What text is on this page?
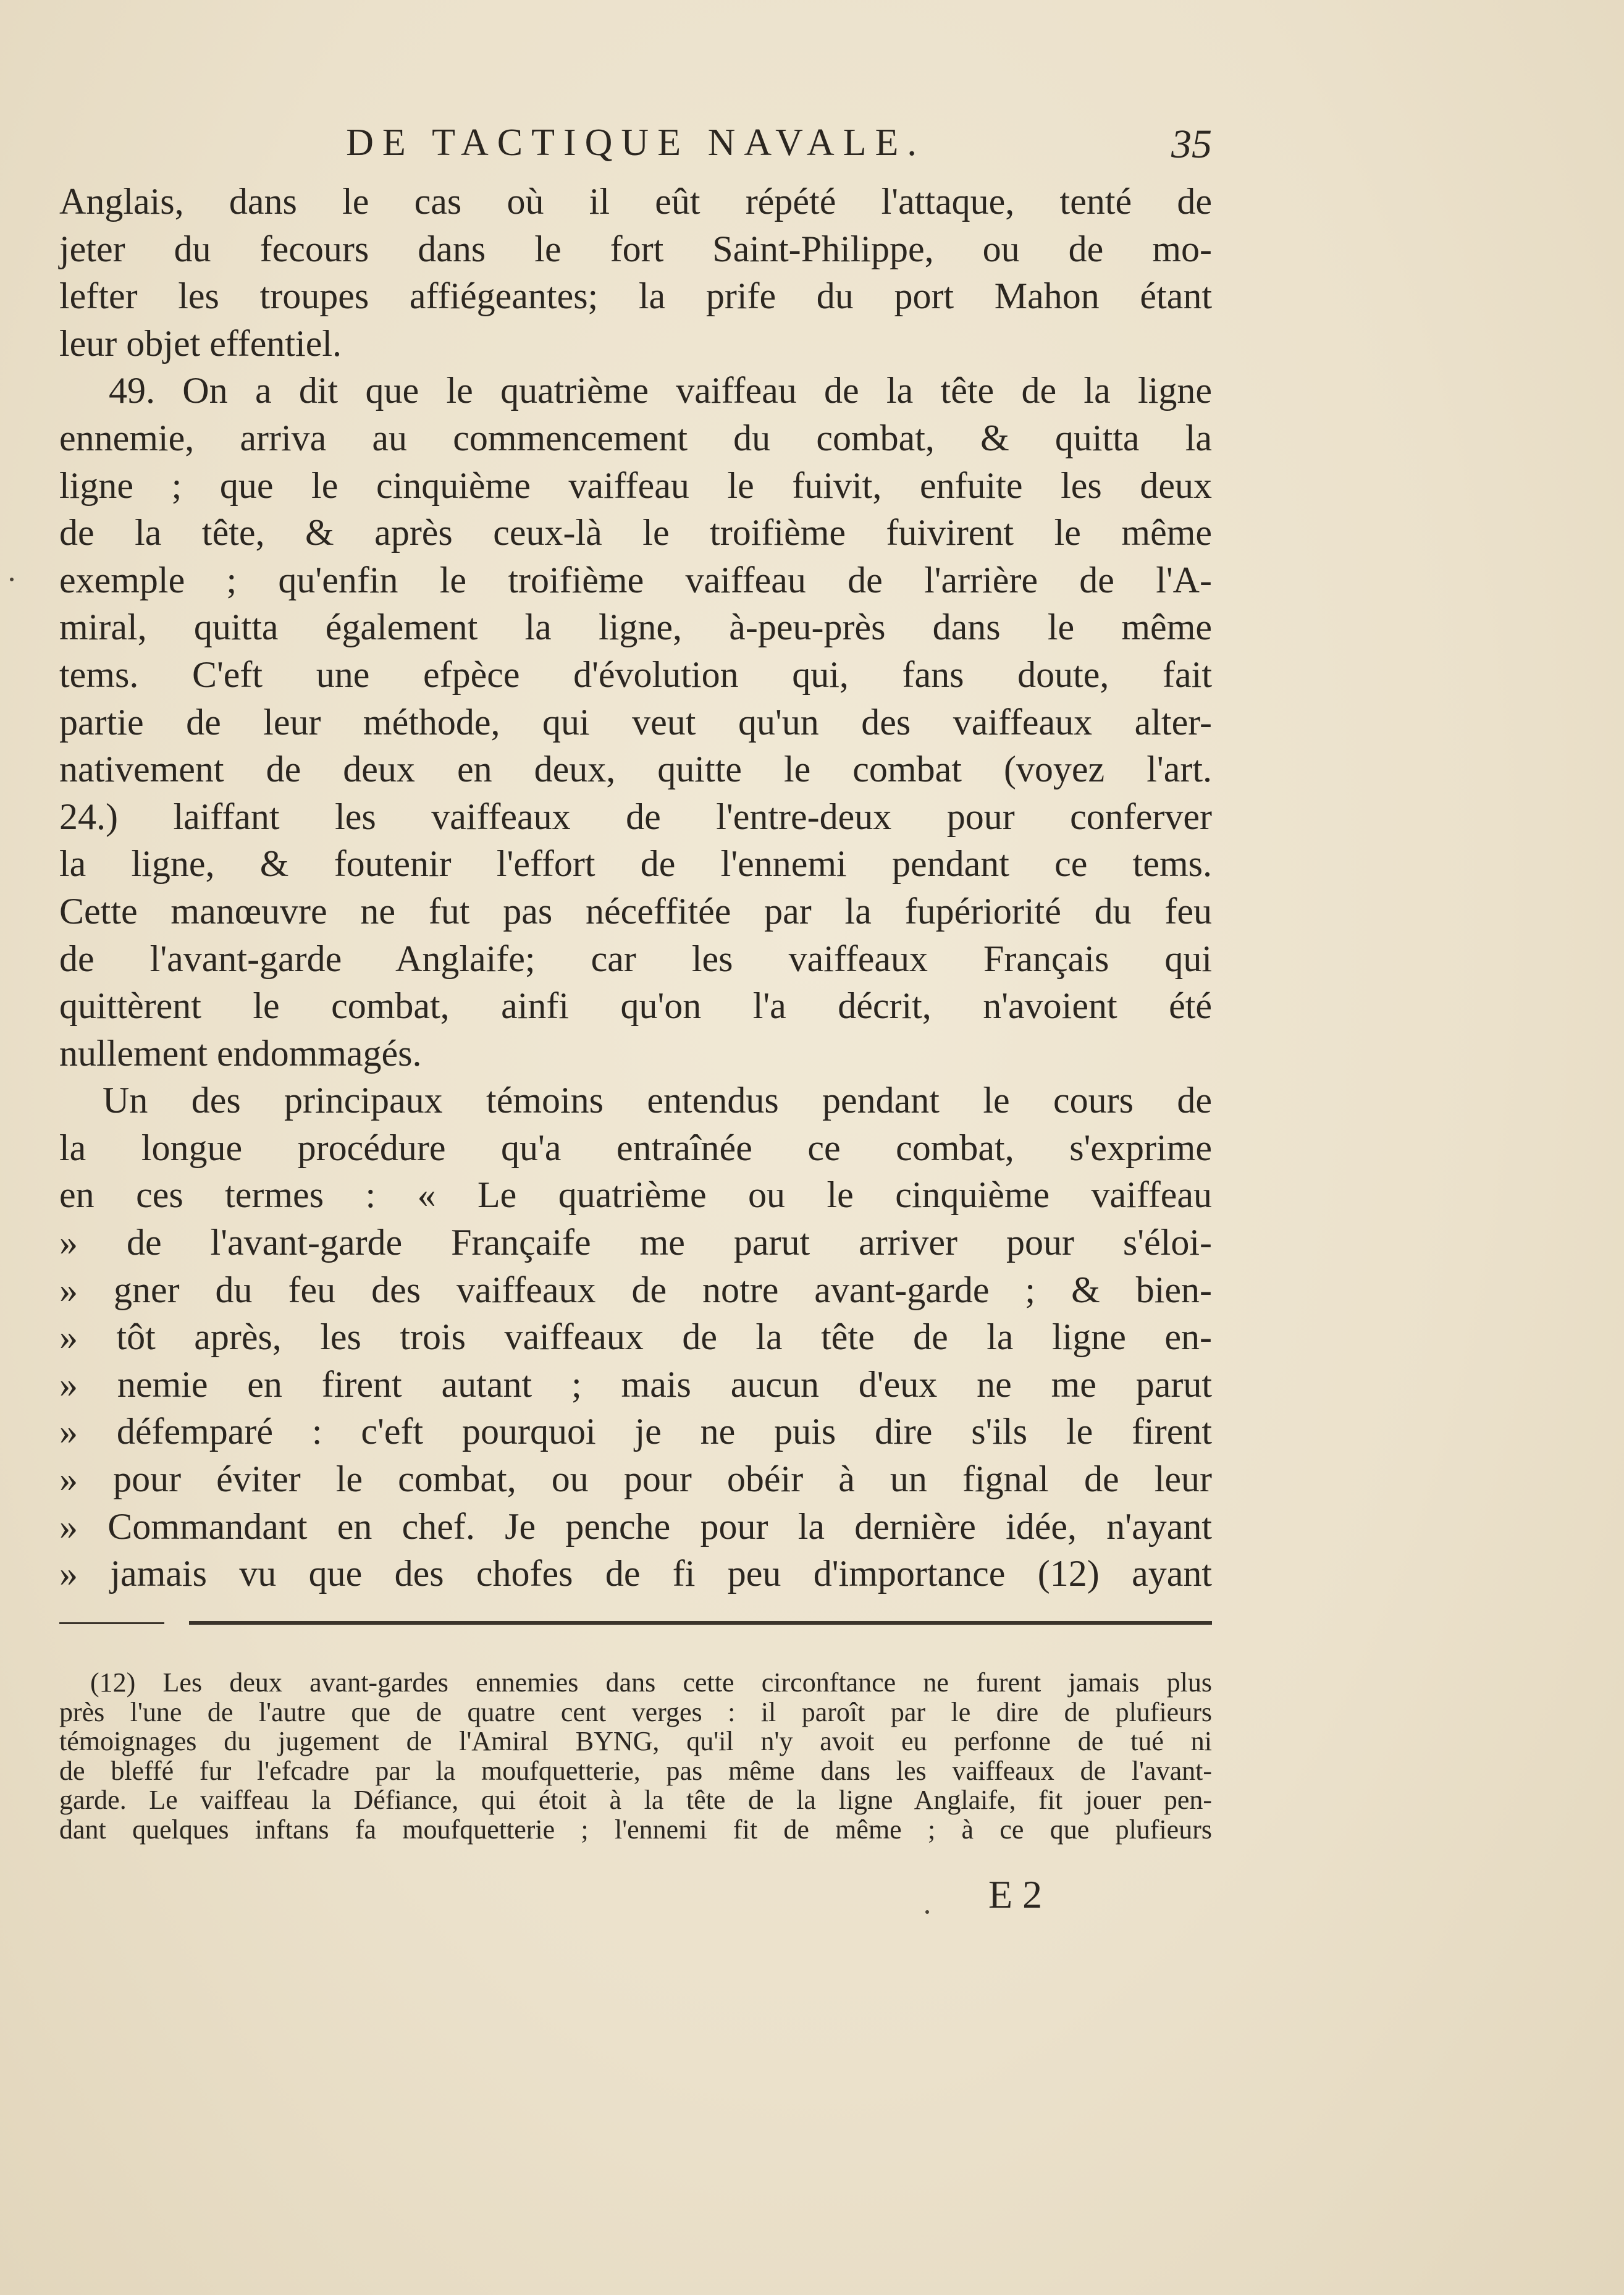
DE TACTIQUE NAVALE.	35
Anglais, dans le cas où il eût répété l'attaque, tenté de
jeter du fecours dans le fort Saint-Philippe, ou de mo-
lefter les troupes affiégeantes; la prife du port Mahon étant
leur objet effentiel.
49. On a dit que le quatrième vaiffeau de la tête de la ligne
ennemie, arriva au commencement du combat, & quitta la
ligne ; que le cinquième vaiffeau le fuivit, enfuite les deux
de la tête, & après ceux-là le troifième fuivirent le même
exemple ; qu'enfin le troifième vaiffeau de l'arrière de l'A-
miral, quitta également la ligne, à-peu-près dans le même
tems. C'eft une efpèce d'évolution qui, fans doute, fait
partie de leur méthode, qui veut qu'un des vaiffeaux alter-
nativement de deux en deux, quitte le combat (voyez l'art.
24.) laiffant les vaiffeaux de l'entre-deux pour conferver
la ligne, & foutenir l'effort de l'ennemi pendant ce tems.
Cette manœuvre ne fut pas néceffitée par la fupériorité du feu
de l'avant-garde Anglaife; car les vaiffeaux Français qui
quittèrent le combat, ainfi qu'on l'a décrit, n'avoient été
nullement endommagés.
Un des principaux témoins entendus pendant le cours de
la longue procédure qu'a entraînée ce combat, s'exprime
en ces termes : « Le quatrième ou le cinquième vaiffeau
» de l'avant-garde Françaife me parut arriver pour s'éloi-
» gner du feu des vaiffeaux de notre avant-garde ; & bien-
» tôt après, les trois vaiffeaux de la tête de la ligne en-
» nemie en firent autant ; mais aucun d'eux ne me parut
» défemparé : c'eft pourquoi je ne puis dire s'ils le firent
» pour éviter le combat, ou pour obéir à un fignal de leur
» Commandant en chef. Je penche pour la dernière idée, n'ayant
» jamais vu que des chofes de fi peu d'importance (12) ayant
(12) Les deux avant-gardes ennemies dans cette circonftance ne furent jamais plus
près l'une de l'autre que de quatre cent verges : il paroît par le dire de plufieurs
témoignages du jugement de l'Amiral BYNG, qu'il n'y avoit eu perfonne de tué ni
de bleffé fur l'efcadre par la moufquetterie, pas même dans les vaiffeaux de l'avant-
garde. Le vaiffeau la Défiance, qui étoit à la tête de la ligne Anglaife, fit jouer pen-
dant quelques inftans fa moufquetterie ; l'ennemi fit de même ; à ce que plufieurs
E 2
